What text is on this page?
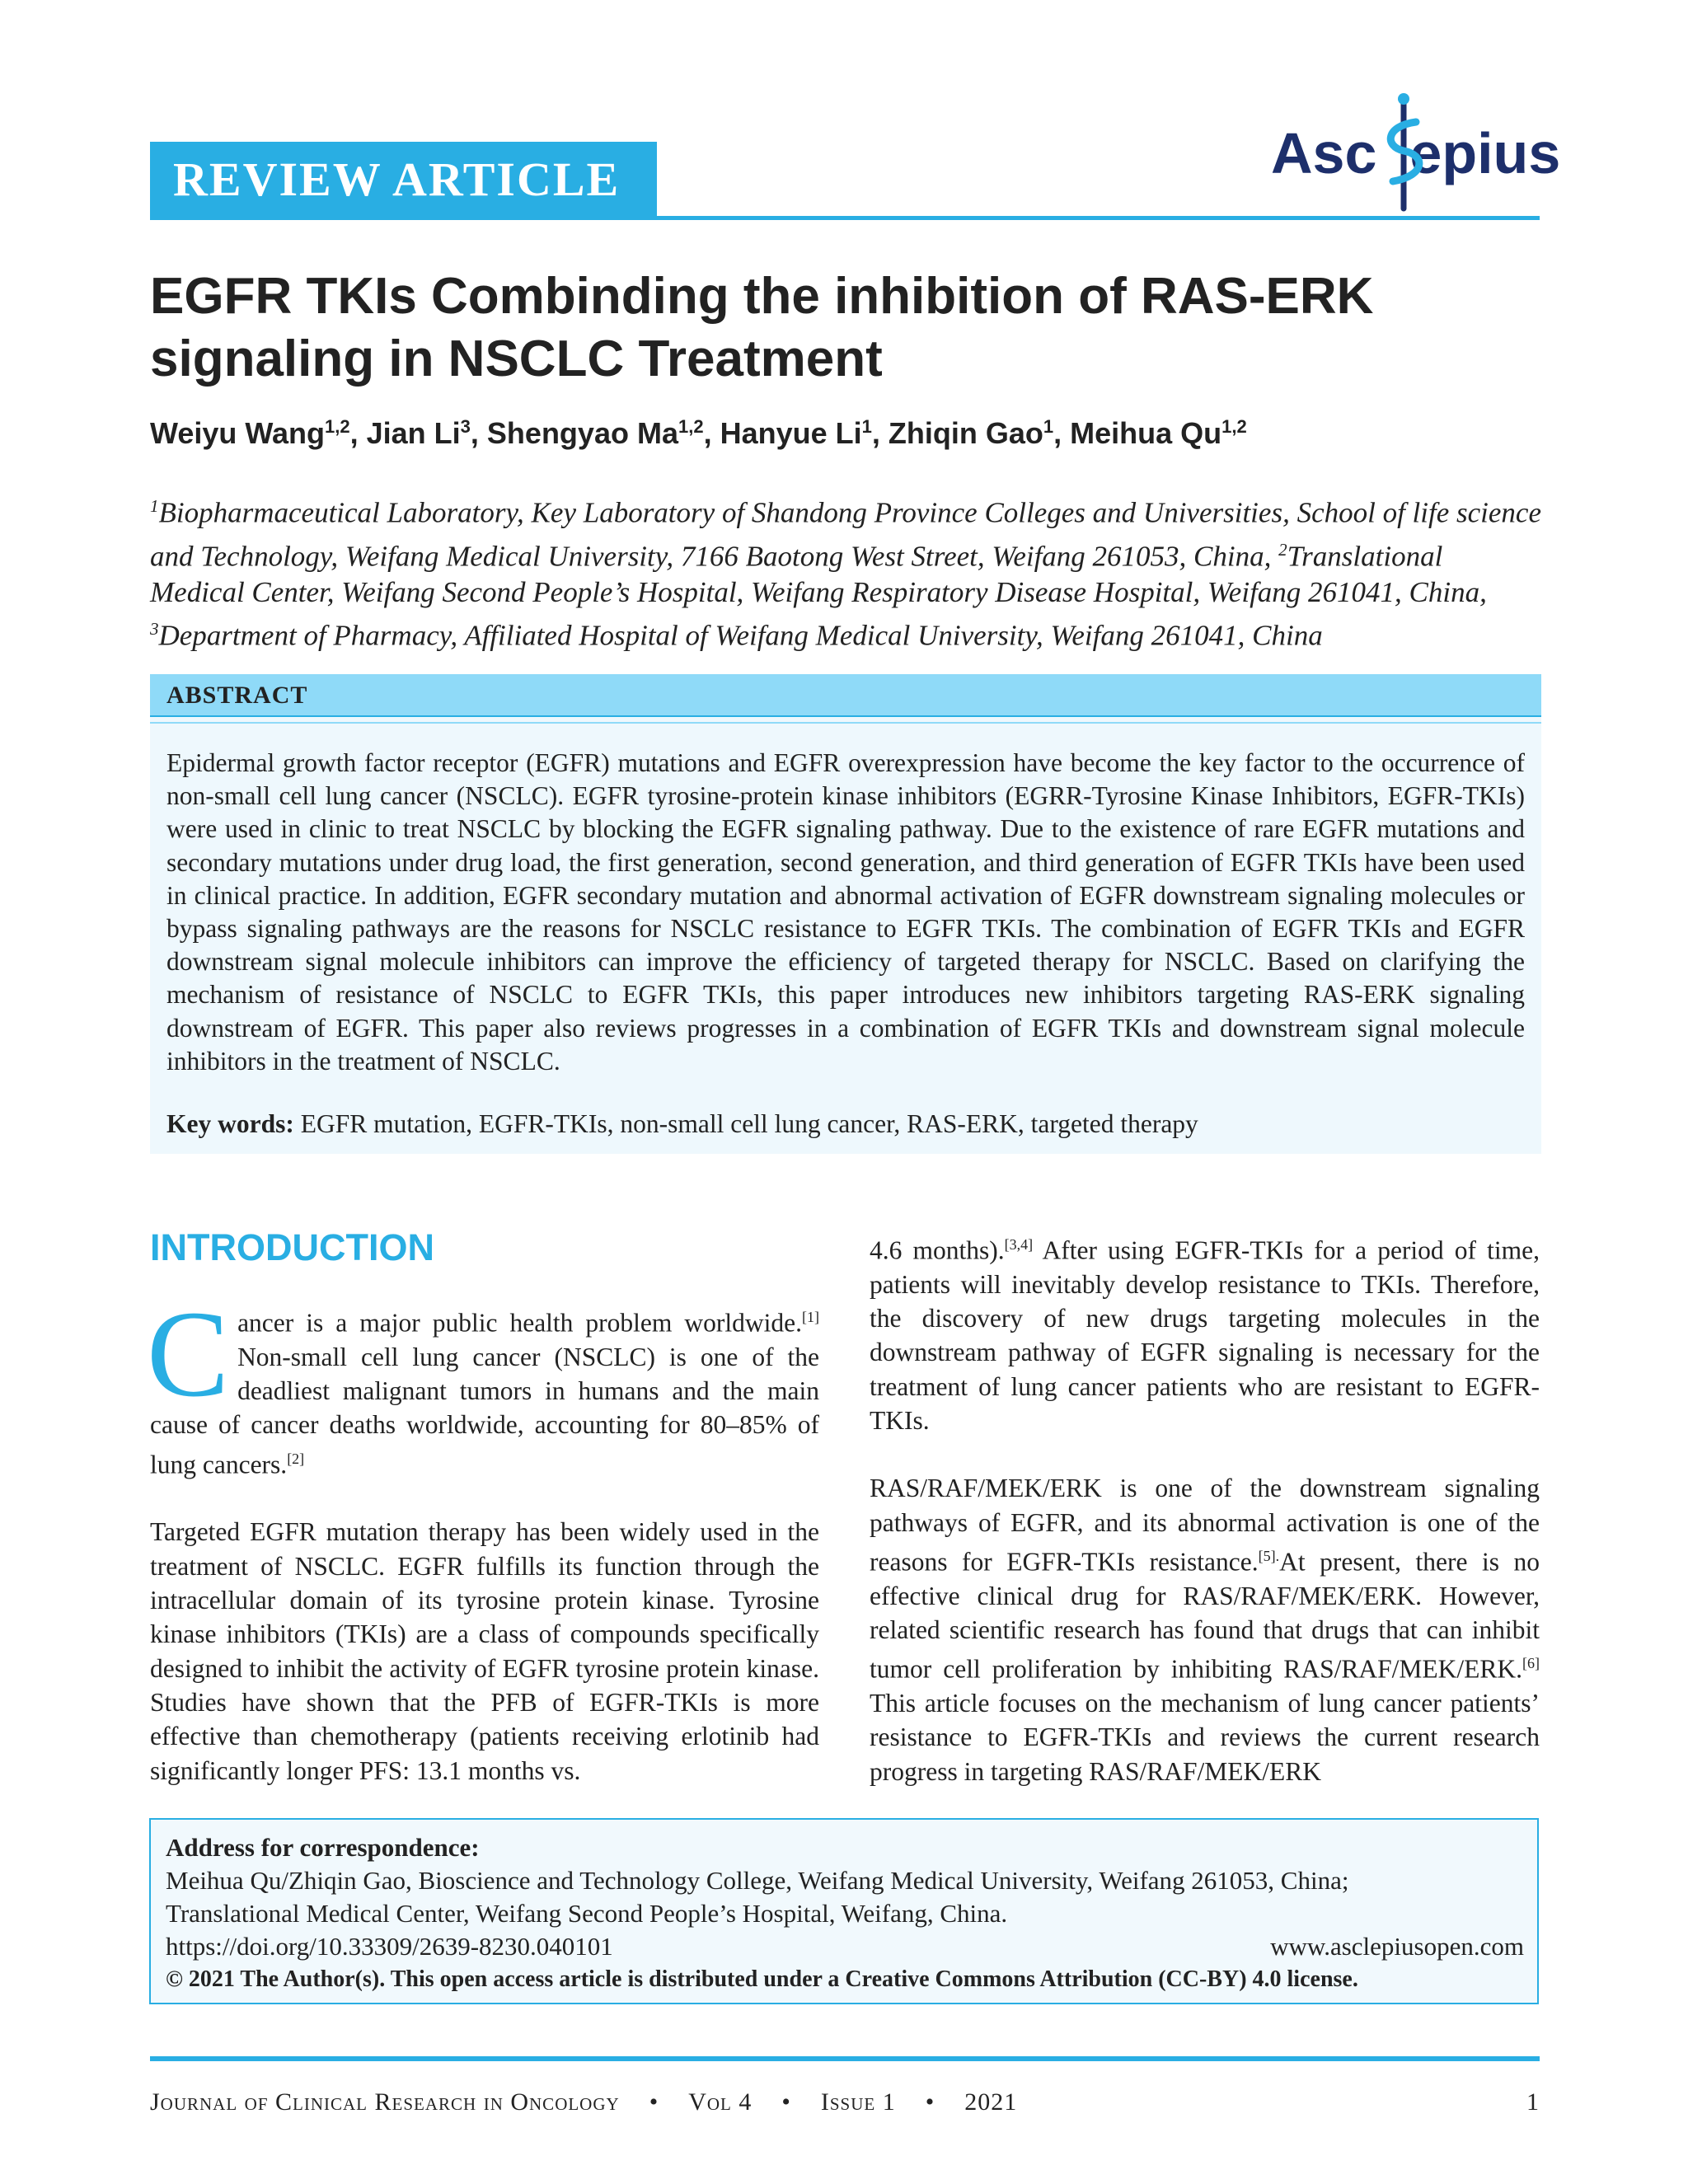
REVIEW ARTICLE	Asc epius
EGFR TKIs Combinding the inhibition of RAS-ERK signaling in NSCLC Treatment
Weiyu Wang$^{1,2}$, Jian Li$^3$, Shengyao Ma$^{1,2}$, Hanyue Li$^1$, Zhiqin Gao$^1$, Meihua Qu$^{1,2}$
$^1$Biopharmaceutical Laboratory, Key Laboratory of Shandong Province Colleges and Universities, School of life science and Technology, Weifang Medical University, 7166 Baotong West Street, Weifang 261053, China, $^2$Translational Medical Center, Weifang Second People’s Hospital, Weifang Respiratory Disease Hospital, Weifang 261041, China, $^3$Department of Pharmacy, Affiliated Hospital of Weifang Medical University, Weifang 261041, China
ABSTRACT

Epidermal growth factor receptor (EGFR) mutations and EGFR overexpression have become the key factor to the occurrence of non-small cell lung cancer (NSCLC). EGFR tyrosine-protein kinase inhibitors (EGRR-Tyrosine Kinase Inhibitors, EGFR-TKIs) were used in clinic to treat NSCLC by blocking the EGFR signaling pathway. Due to the existence of rare EGFR mutations and secondary mutations under drug load, the first generation, second generation, and third generation of EGFR TKIs have been used in clinical practice. In addition, EGFR secondary mutation and abnormal activation of EGFR downstream signaling molecules or bypass signaling pathways are the reasons for NSCLC resistance to EGFR TKIs. The combination of EGFR TKIs and EGFR downstream signal molecule inhibitors can improve the efficiency of targeted therapy for NSCLC. Based on clarifying the mechanism of resistance of NSCLC to EGFR TKIs, this paper introduces new inhibitors targeting RAS-ERK signaling downstream of EGFR. This paper also reviews progresses in a combination of EGFR TKIs and downstream signal molecule inhibitors in the treatment of NSCLC.

Key words: EGFR mutation, EGFR-TKIs, non-small cell lung cancer, RAS-ERK, targeted therapy
INTRODUCTION

Cancer is a major public health problem worldwide.[1] Non-small cell lung cancer (NSCLC) is one of the deadliest malignant tumors in humans and the main cause of cancer deaths worldwide, accounting for 80–85% of lung cancers.[2]

Targeted EGFR mutation therapy has been widely used in the treatment of NSCLC. EGFR fulfills its function through the intracellular domain of its tyrosine protein kinase. Tyrosine kinase inhibitors (TKIs) are a class of compounds specifically designed to inhibit the activity of EGFR tyrosine protein kinase. Studies have shown that the PFB of EGFR-TKIs is more effective than chemotherapy (patients receiving erlotinib had significantly longer PFS: 13.1 months vs.

4.6 months).[3,4] After using EGFR-TKIs for a period of time, patients will inevitably develop resistance to TKIs. Therefore, the discovery of new drugs targeting molecules in the downstream pathway of EGFR signaling is necessary for the treatment of lung cancer patients who are resistant to EGFR-TKIs.

RAS/RAF/MEK/ERK is one of the downstream signaling pathways of EGFR, and its abnormal activation is one of the reasons for EGFR-TKIs resistance.$^{[5].}$At present, there is no effective clinical drug for RAS/RAF/MEK/ERK. However, related scientific research has found that drugs that can inhibit tumor cell proliferation by inhibiting RAS/RAF/MEK/ERK.[6] This article focuses on the mechanism of lung cancer patients’ resistance to EGFR-TKIs and reviews the current research progress in targeting RAS/RAF/MEK/ERK

Address for correspondence:
Meihua Qu/Zhiqin Gao, Bioscience and Technology College, Weifang Medical University, Weifang 261053, China;
Translational Medical Center, Weifang Second People’s Hospital, Weifang, China.
https://doi.org/10.33309/2639-8230.040101	www.asclepiusopen.com
© 2021 The Author(s). This open access article is distributed under a Creative Commons Attribution (CC-BY) 4.0 license.
Journal of Clinical Research in Oncology • Vol 4 • Issue 1 • 2021	1
